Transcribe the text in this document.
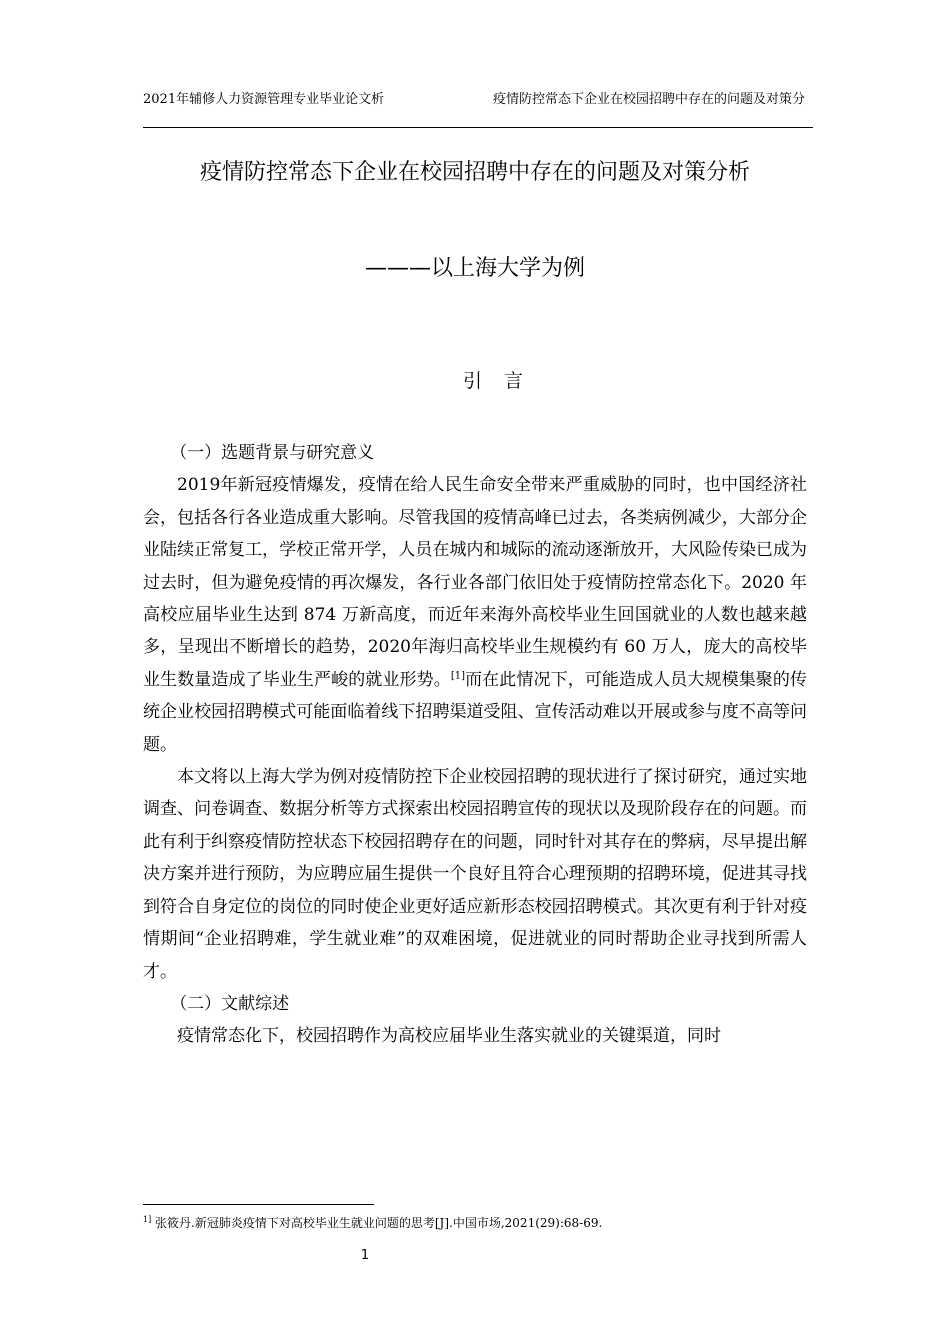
2021年辅修人力资源管理专业毕业论文析	疫情防控常态下企业在校园招聘中存在的问题及对策分
疫情防控常态下企业在校园招聘中存在的问题及对策分析
———以上海大学为例
引言

（一）选题背景与研究意义

2019年新冠疫情爆发，疫情在给人民生命安全带来严重威胁的同时，也中国经济社会，包括各行各业造成重大影响。尽管我国的疫情高峰已过去，各类病例减少，大部分企业陆续正常复工，学校正常开学，人员在城内和城际的流动逐渐放开，大风险传染已成为过去时，但为避免疫情的再次爆发，各行业各部门依旧处于疫情防控常态化下。2020 年高校应届毕业生达到 874 万新高度，而近年来海外高校毕业生回国就业的人数也越来越多，呈现出不断增长的趋势，2020年海归高校毕业生规模约有 60 万人，庞大的高校毕业生数量造成了毕业生严峻的就业形势。[1]而在此情况下，可能造成人员大规模集聚的传统企业校园招聘模式可能面临着线下招聘渠道受阻、宣传活动难以开展或参与度不高等问题。

本文将以上海大学为例对疫情防控下企业校园招聘的现状进行了探讨研究，通过实地调查、问卷调查、数据分析等方式探索出校园招聘宣传的现状以及现阶段存在的问题。而此有利于纠察疫情防控状态下校园招聘存在的问题，同时针对其存在的弊病，尽早提出解决方案并进行预防，为应聘应届生提供一个良好且符合心理预期的招聘环境，促进其寻找到符合自身定位的岗位的同时使企业更好适应新形态校园招聘模式。其次更有利于针对疫情期间“企业招聘难，学生就业难”的双难困境，促进就业的同时帮助企业寻找到所需人才。

（二）文献综述

疫情常态化下，校园招聘作为高校应届毕业生落实就业的关键渠道，同时

$^{1]}$ 张筱丹.新冠肺炎疫情下对高校毕业生就业问题的思考[J].中国市场,2021(29):68-69.
1
